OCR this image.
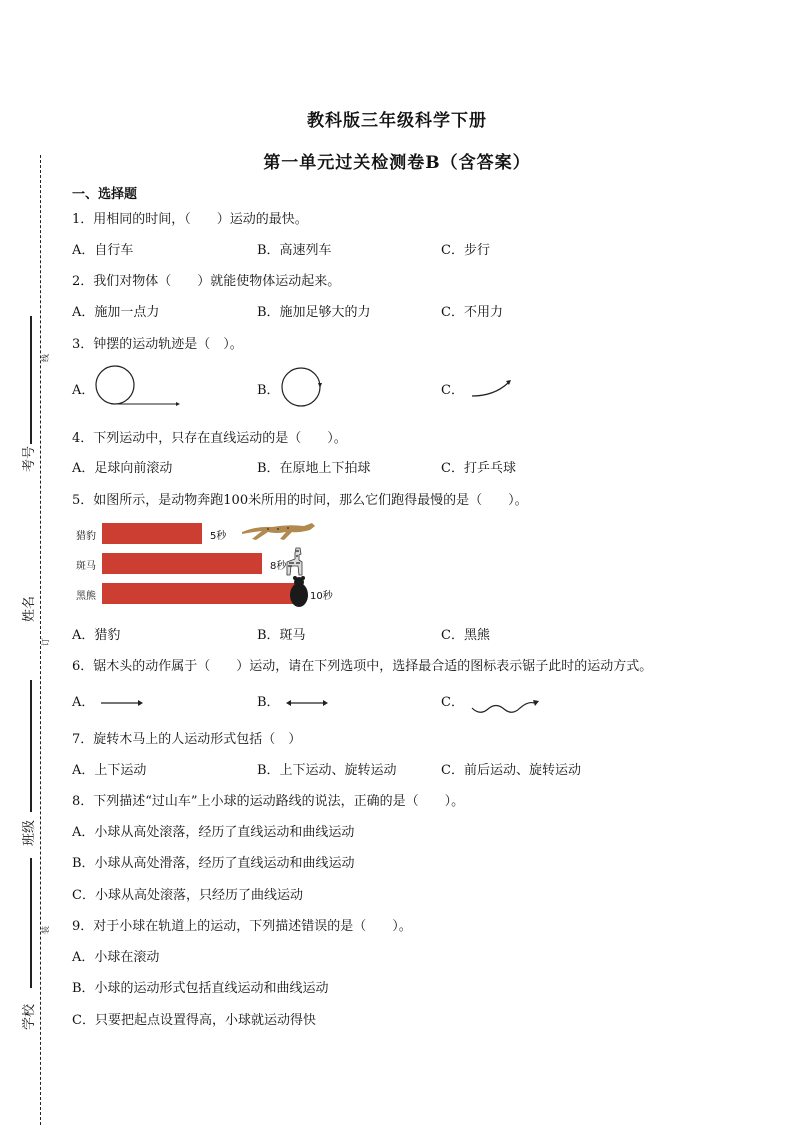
教科版三年级科学下册
第一单元过关检测卷B（含答案）
考号
姓名
班级
学校
线
订
装
一、选择题
1．用相同的时间，（　　）运动的最快。
A．自行车	B．高速列车	C．步行
2．我们对物体（　　）就能使物体运动起来。
A．施加一点力	B．施加足够大的力	C．不用力
3．钟摆的运动轨迹是（　）。
A．	B．	C．
4．下列运动中，只存在直线运动的是（　　）。
A．足球向前滚动	B．在原地上下拍球	C．打乒乓球
5．如图所示，是动物奔跑100米所用的时间，那么它们跑得最慢的是（　　）。
猎豹
斑马
黑熊
5秒
8秒
10秒
A．猎豹	B．斑马	C．黑熊
6．锯木头的动作属于（　　）运动，请在下列选项中，选择最合适的图标表示锯子此时的运动方式。
A．	B．	C．
7．旋转木马上的人运动形式包括（　）
A．上下运动	B．上下运动、旋转运动	C．前后运动、旋转运动
8．下列描述“过山车”上小球的运动路线的说法，正确的是（　　）。
A．小球从高处滚落，经历了直线运动和曲线运动
B．小球从高处滑落，经历了直线运动和曲线运动
C．小球从高处滚落，只经历了曲线运动
9．对于小球在轨道上的运动，下列描述错误的是（　　）。
A．小球在滚动
B．小球的运动形式包括直线运动和曲线运动
C．只要把起点设置得高，小球就运动得快
